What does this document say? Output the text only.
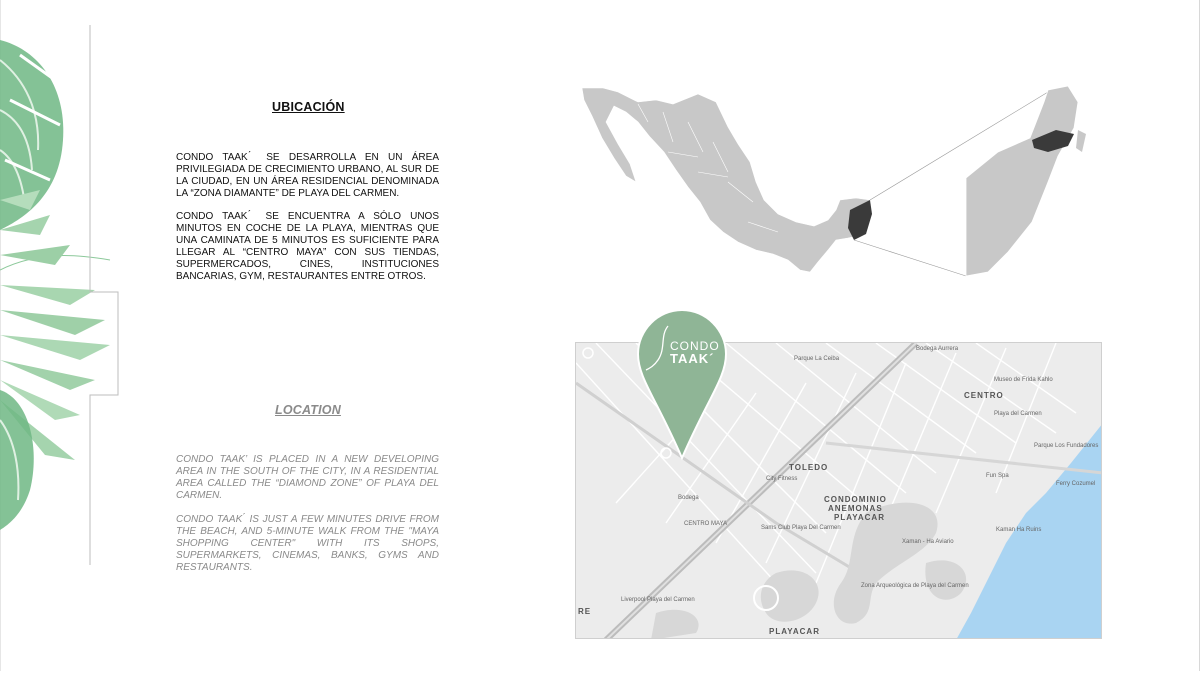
UBICACIÓN

CONDO TAAK ́ SE DESARROLLA EN UN ÁREA PRIVILEGIADA DE CRECIMIENTO URBANO, AL SUR DE LA CIUDAD, EN UN ÁREA RESIDENCIAL DENOMINADA LA “ZONA DIAMANTE” DE PLAYA DEL CARMEN.

CONDO TAAK ́ SE ENCUENTRA A SÓLO UNOS MINUTOS EN COCHE DE LA PLAYA, MIENTRAS QUE UNA CAMINATA DE 5 MINUTOS ES SUFICIENTE PARA LLEGAR AL “CENTRO MAYA” CON SUS TIENDAS, SUPERMERCADOS, CINES, INSTITUCIONES BANCARIAS, GYM, RESTAURANTES ENTRE OTROS.

LOCATION

CONDO TAAK’ IS PLACED IN A NEW DEVELOPING AREA IN THE SOUTH OF THE CITY, IN A RESIDENTIAL AREA CALLED THE “DIAMOND ZONE” OF PLAYA DEL CARMEN.

CONDO TAAK ́ IS JUST A FEW MINUTES DRIVE FROM THE BEACH, AND 5-MINUTE WALK FROM THE "MAYA SHOPPING CENTER" WITH ITS SHOPS, SUPERMARKETS, CINEMAS, BANKS, GYMS AND RESTAURANTS.

Parque La Ceiba
Bodega Aurrera
Museo de Frida Kahlo
CENTRO
Playa del Carmen
Parque Los Fundadores
TOLEDO
City Fitness	Fun Spa
Ferry Cozumel
Bodega	CONDOMINIO
ANEMONAS
PLAYACAR
CENTRO MAYA
Sams Club Playa Del Carmen	Kaman Ha Ruins
Xaman - Ha Aviario
Zona Arqueológica de Playa del Carmen
Liverpool Playa del Carmen
PLAYACAR
RE
CONDO
TAAK´
